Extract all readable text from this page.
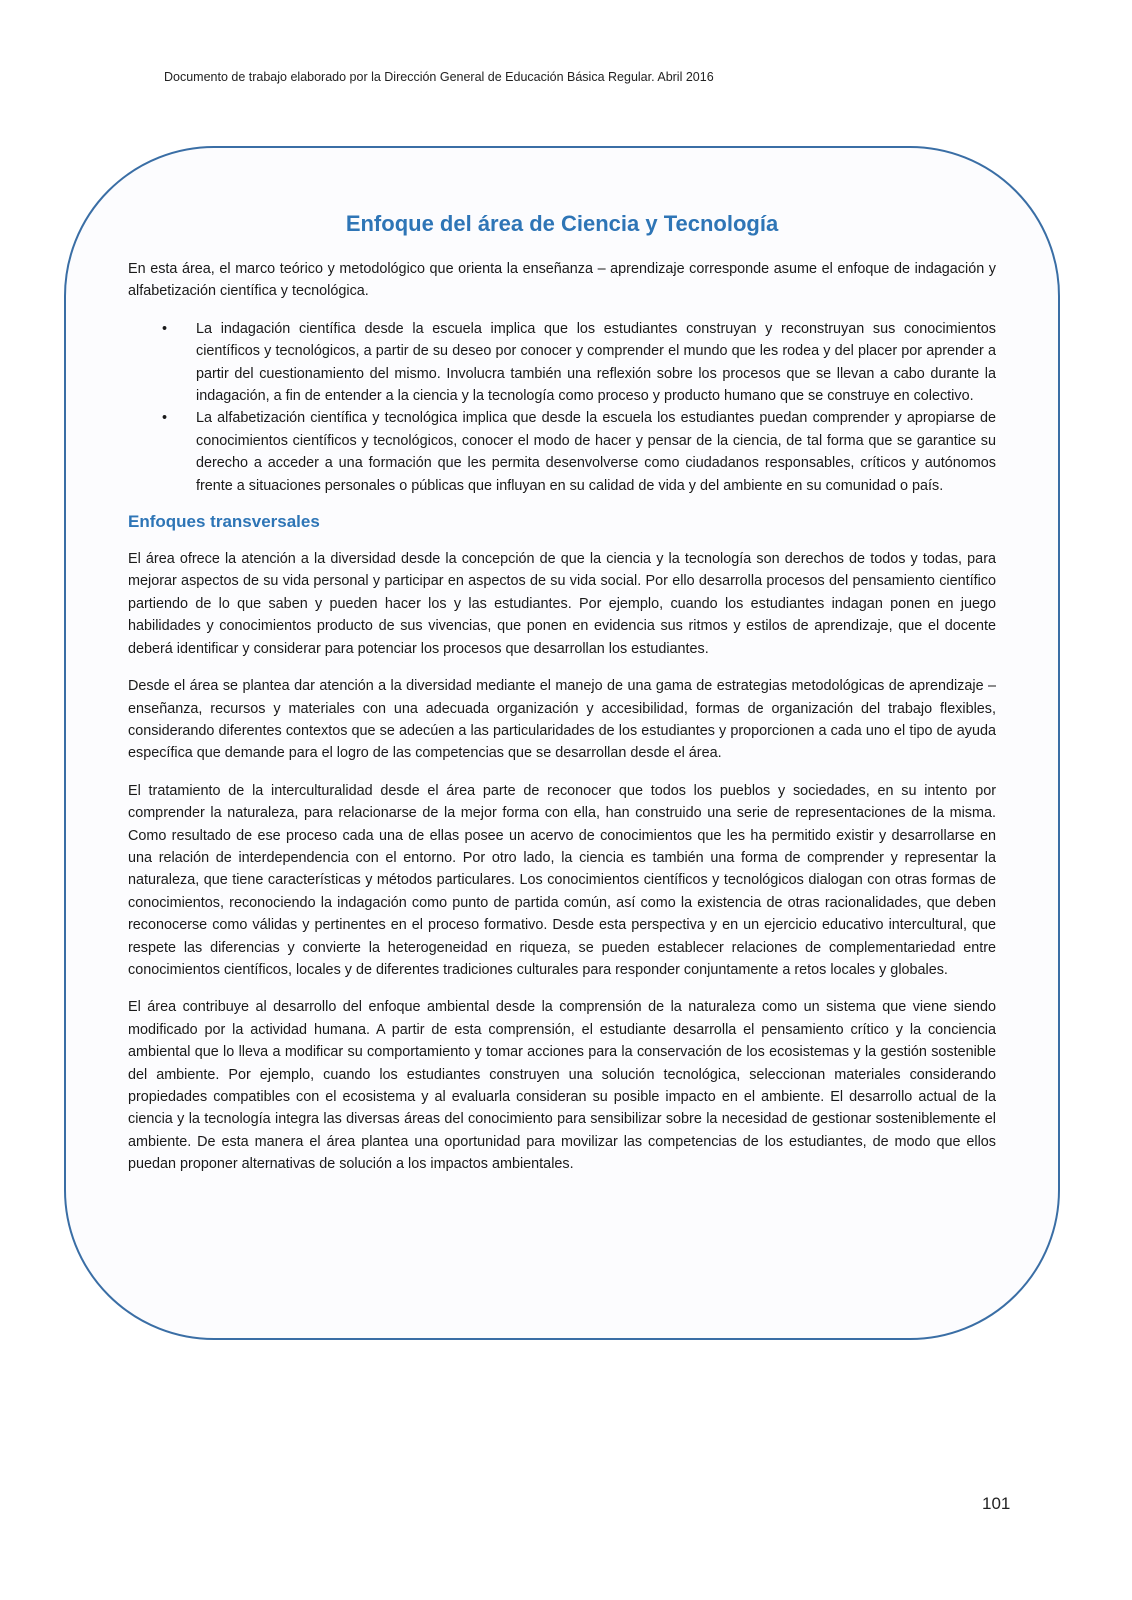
Documento de trabajo elaborado por la Dirección General de Educación Básica Regular. Abril 2016
Enfoque del área de Ciencia y Tecnología

En esta área, el marco teórico y metodológico que orienta la enseñanza – aprendizaje corresponde asume el enfoque de indagación y alfabetización científica y tecnológica.

• La indagación científica desde la escuela implica que los estudiantes construyan y reconstruyan sus conocimientos científicos y tecnológicos, a partir de su deseo por conocer y comprender el mundo que les rodea y del placer por aprender a partir del cuestionamiento del mismo. Involucra también una reflexión sobre los procesos que se llevan a cabo durante la indagación, a fin de entender a la ciencia y la tecnología como proceso y producto humano que se construye en colectivo.
• La alfabetización científica y tecnológica implica que desde la escuela los estudiantes puedan comprender y apropiarse de conocimientos científicos y tecnológicos, conocer el modo de hacer y pensar de la ciencia, de tal forma que se garantice su derecho a acceder a una formación que les permita desenvolverse como ciudadanos responsables, críticos y autónomos frente a situaciones personales o públicas que influyan en su calidad de vida y del ambiente en su comunidad o país.
Enfoques transversales

El área ofrece la atención a la diversidad desde la concepción de que la ciencia y la tecnología son derechos de todos y todas, para mejorar aspectos de su vida personal y participar en aspectos de su vida social. Por ello desarrolla procesos del pensamiento científico partiendo de lo que saben y pueden hacer los y las estudiantes. Por ejemplo, cuando los estudiantes indagan ponen en juego habilidades y conocimientos producto de sus vivencias, que ponen en evidencia sus ritmos y estilos de aprendizaje, que el docente deberá identificar y considerar para potenciar los procesos que desarrollan los estudiantes.

Desde el área se plantea dar atención a la diversidad mediante el manejo de una gama de estrategias metodológicas de aprendizaje – enseñanza, recursos y materiales con una adecuada organización y accesibilidad, formas de organización del trabajo flexibles, considerando diferentes contextos que se adecúen a las particularidades de los estudiantes y proporcionen a cada uno el tipo de ayuda específica que demande para el logro de las competencias que se desarrollan desde el área.

El tratamiento de la interculturalidad desde el área parte de reconocer que todos los pueblos y sociedades, en su intento por comprender la naturaleza, para relacionarse de la mejor forma con ella, han construido una serie de representaciones de la misma. Como resultado de ese proceso cada una de ellas posee un acervo de conocimientos que les ha permitido existir y desarrollarse en una relación de interdependencia con el entorno. Por otro lado, la ciencia es también una forma de comprender y representar la naturaleza, que tiene características y métodos particulares. Los conocimientos científicos y tecnológicos dialogan con otras formas de conocimientos, reconociendo la indagación como punto de partida común, así como la existencia de otras racionalidades, que deben reconocerse como válidas y pertinentes en el proceso formativo. Desde esta perspectiva y en un ejercicio educativo intercultural, que respete las diferencias y convierte la heterogeneidad en riqueza, se pueden establecer relaciones de complementariedad entre conocimientos científicos, locales y de diferentes tradiciones culturales para responder conjuntamente a retos locales y globales.

El área contribuye al desarrollo del enfoque ambiental desde la comprensión de la naturaleza como un sistema que viene siendo modificado por la actividad humana. A partir de esta comprensión, el estudiante desarrolla el pensamiento crítico y la conciencia ambiental que lo lleva a modificar su comportamiento y tomar acciones para la conservación de los ecosistemas y la gestión sostenible del ambiente. Por ejemplo, cuando los estudiantes construyen una solución tecnológica, seleccionan materiales considerando propiedades compatibles con el ecosistema y al evaluarla consideran su posible impacto en el ambiente. El desarrollo actual de la ciencia y la tecnología integra las diversas áreas del conocimiento para sensibilizar sobre la necesidad de gestionar sosteniblemente el ambiente. De esta manera el área plantea una oportunidad para movilizar las competencias de los estudiantes, de modo que ellos puedan proponer alternativas de solución a los impactos ambientales.

101
